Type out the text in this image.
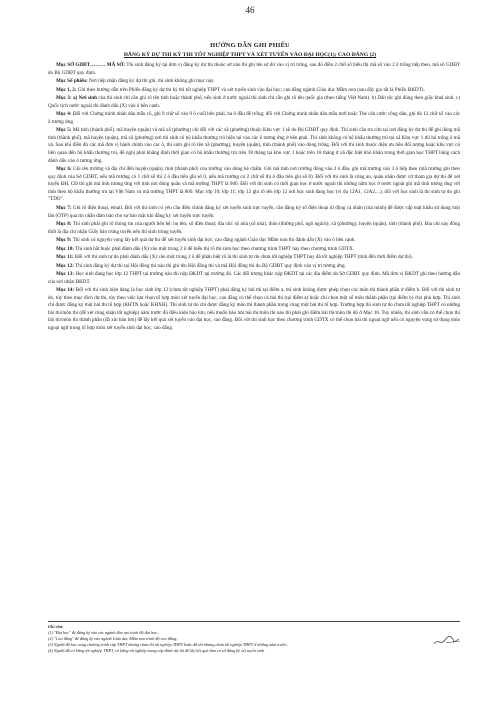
46
HƯỚNG DẪN GHI PHIẾU
ĐĂNG KÝ DỰ THI KỲ THI TỐT NGHIỆP THPT VÀ XÉT TUYỂN VÀO ĐẠI HỌC(1); CAO ĐẲNG (2)

Mục SỞ GDĐT……… MÃ SỞ: Thí sinh đăng ký tại đơn vị đăng ký dự thi thuộc sở nào thì ghi tên sở đó vào vị trí trống, sau đó điền 2 chữ số biểu thị mã số vào 2 ô trống tiếp theo, mã số GDĐT do Bộ GDĐT quy định.

Mục Số phiếu: Nơi tiếp nhận đăng ký dự thi ghi, thí sinh không ghi mục này.

Mục 1, 2: Ghi theo hướng dẫn trên Phiếu đăng ký dự thi kỳ thi tốt nghiệp THPT và xét tuyển sinh vào đại học; cao đẳng ngành Giáo dục Mầm non (sau đây gọi tắt là Phiếu ĐKDT).

Mục 3: a) Nơi sinh của thí sinh chỉ cần ghi rõ tên tỉnh hoặc thành phố, nếu sinh ở nước ngoài thì sinh chỉ cần ghi rõ tên quốc gia (theo tiếng Việt Nam). b) Dân tộc ghi đúng theo giấy khai sinh. c) Quốc tịch nước ngoài thì đánh dấu (X) vào ô bên cạnh.

Mục 4: Đối với Chứng minh nhân dân mẫu cũ, ghi 9 chữ số vào 9 ô cuối bên phải, ba ô đầu để trống; đối với Chứng minh nhân dân mẫu mới hoặc Thẻ căn cước công dân, ghi đủ 12 chữ số vào các ô tương ứng.

Mục 5: Mã tỉnh (thành phố), mã huyện (quận) và mã xã (phường) chỉ đối với các xã (phường) thuộc Khu vực 1 sẽ do Bộ GDĐT quy định. Thí sinh cần tra cứu tại nơi đăng ký dự thi để ghi đúng mã tỉnh (thành phố), mã huyện (quận), mã xã (phường) nơi thí sinh có hộ khẩu thường trú hiện tại vào các ô tương ứng ở bên phải. Thí sinh không có hộ khẩu thường trú tại xã Khu vực 1 thì bỏ trống ô mã xã. Sau khi điền đủ các mã đơn vị hành chính vào các ô, thí sinh ghi rõ tên xã (phường), huyện (quận), tỉnh (thành phố) vào dòng trống. Đối với thí sinh thuộc diện ưu tiên đối tượng hoặc khu vực có liên quan đến hộ khẩu thường trú, đề nghị phải khẳng định thời gian có hộ khẩu thường trú trên 18 tháng tại khu vực 1 hoặc trên 18 tháng ở xã đặc biệt khó khăn trong thời gian học THPT bằng cách đánh dấu vào ô tương ứng.

Mục 6: Ghi tên trường và địa chỉ đến huyện (quận), tỉnh (thành phố) của trường vào dòng kẻ chấm. Ghi mã tỉnh nơi trường đóng vào 2 ô đầu, ghi mã trường vào 3 ô tiếp theo (mã trường ghi theo quy định của Sở GDĐT, nếu mã trường có 1 chữ số thì 2 ô đầu tiên ghi số 0, nếu mã trường có 2 chữ số thì ô đầu tiên ghi số 0). Đối với thí sinh là công an, quân nhân được cử tham gia dự thi để xét tuyển ĐH, CĐ thì ghi mã tỉnh tương ứng với tỉnh nơi đóng quân và mã trường THPT là 900. Đối với thí sinh có thời gian học ở nước ngoài thì những năm học ở nước ngoài ghi mã tỉnh tương ứng với tỉnh theo hộ khẩu thường trú tại Việt Nam và mã trường THPT là 800. Mục lớp 10; lớp 11; lớp 12 ghi rõ tên lớp 12 nơi học sinh đang học (ví dụ 12A1, 12A2,...), đối với học sinh là thí sinh tự do ghi "TDO".

Mục 7: Ghi rõ điện thoại, email. Đối với thí sinh có yêu cầu điều chỉnh đăng ký xét tuyển sinh trực tuyến, cần đăng ký số điện thoại di động cá nhân (của mình) để được cấp mật khẩu sử dụng một lần (OTP) qua tin nhắn đảm bảo cho sự bảo mật khi đăng ký xét tuyển trực tuyến.

Mục 8: Thí sinh phải ghi rõ thông tin của người liên hệ: họ tên; số điện thoại; địa chỉ: số nhà (số nhà), thôn (đường phố, ngõ ngách), xã (phường), huyện (quận), tỉnh (thành phố). Địa chỉ này đồng thời là địa chỉ nhận Giấy báo trúng tuyển nếu thí sinh trúng tuyển.

Mục 9: Thí sinh có nguyện vọng lấy kết quả dự thi để xét tuyển sinh đại học; cao đẳng ngành Giáo dục Mầm non thì đánh dấu (X) vào ô bên cạnh.

Mục 10: Thí sinh bắt buộc phải đánh dấu (X) vào một trong 2 ô để biểu thị rõ thí sinh học theo chương trình THPT hay theo chương trình GDTX.

Mục 11: Đối với thí sinh tự do phải đánh dấu (X) vào một trong 2 ô để phân biệt rõ là thí sinh tự do chưa tốt nghiệp THPT hay đã tốt nghiệp THPT (tính đến thời điểm dự thi).

Mục 12: Thí sinh đăng ký dự thi tại Hội đồng thi nào thì ghi tên Hội đồng thi và mã Hội đồng thi do Bộ GDĐT quy định vào vị trí tương ứng.

Mục 13: Học sinh đang học lớp 12 THPT tại trường nào thì nộp ĐKDT tại trường đó. Các đối tượng khác nộp ĐKDT tại các địa điểm do Sở GDĐT quy định. Mã đơn vị ĐKDT ghi theo hướng dẫn của nơi nhận ĐKDT.

Mục 14: Đối với thí sinh hiện đang là học sinh lớp 12 (chưa tốt nghiệp THPT) phải đăng ký bài thi tại điểm a, thí sinh không được phép chọn các môn thi thành phần ở điểm b. Đối với thí sinh tự do, tùy theo mục đích dự thi, tùy theo việc lựa chọn tổ hợp môn xét tuyển đại học, cao đẳng có thể chọn cả bài thi (tại điểm a) hoặc chỉ chọn một số môn thành phần (tại điểm b) cho phù hợp. Thí sinh chỉ được đăng ký một bài thi tổ hợp (KHTN hoặc KHXH). Thí sinh tự do chỉ được đăng ký môn thi thành phần trong cùng một bài thi tổ hợp. Trường hợp thí sinh tự do chưa tốt nghiệp THPT có những bài thi/môn thi (để xét công nhận tốt nghiệp) năm trước đủ điều kiện bảo lưu, nếu muốn bảo lưu bài thi/môn thi nào thì phải ghi điểm bài thi/môn thi đó ở Mục 16. Tuy nhiên, thí sinh vẫn có thể chọn thi bài thi/môn thi thành phần (đã xin bảo lưu) để lấy kết quả xét tuyển vào đại học, cao đẳng. Đối với thí sinh học theo chương trình GDTX có thể chọn bài thi ngoại ngữ nếu có nguyện vọng sử dụng môn ngoại ngữ trong tổ hợp môn xét tuyển sinh đại học, cao đẳng.

Ghi chú:
(1) "Đại học" để đăng ký vào các ngành đào tạo trình độ đại học;
(2) "Cao đẳng" để đăng ký vào ngành Giáo dục Mầm non trình độ cao đẳng;
(3) Người đã học xong chương trình cấp THPT nhưng chưa thi tốt nghiệp THPT hoặc đã thi nhưng chưa tốt nghiệp THPT ở những năm trước;
(4) Người đã có bằng tốt nghiệp THPT, có bằng tốt nghiệp trung cấp được dự thi để lấy kết quả làm cơ sở đăng ký xét tuyển sinh.
